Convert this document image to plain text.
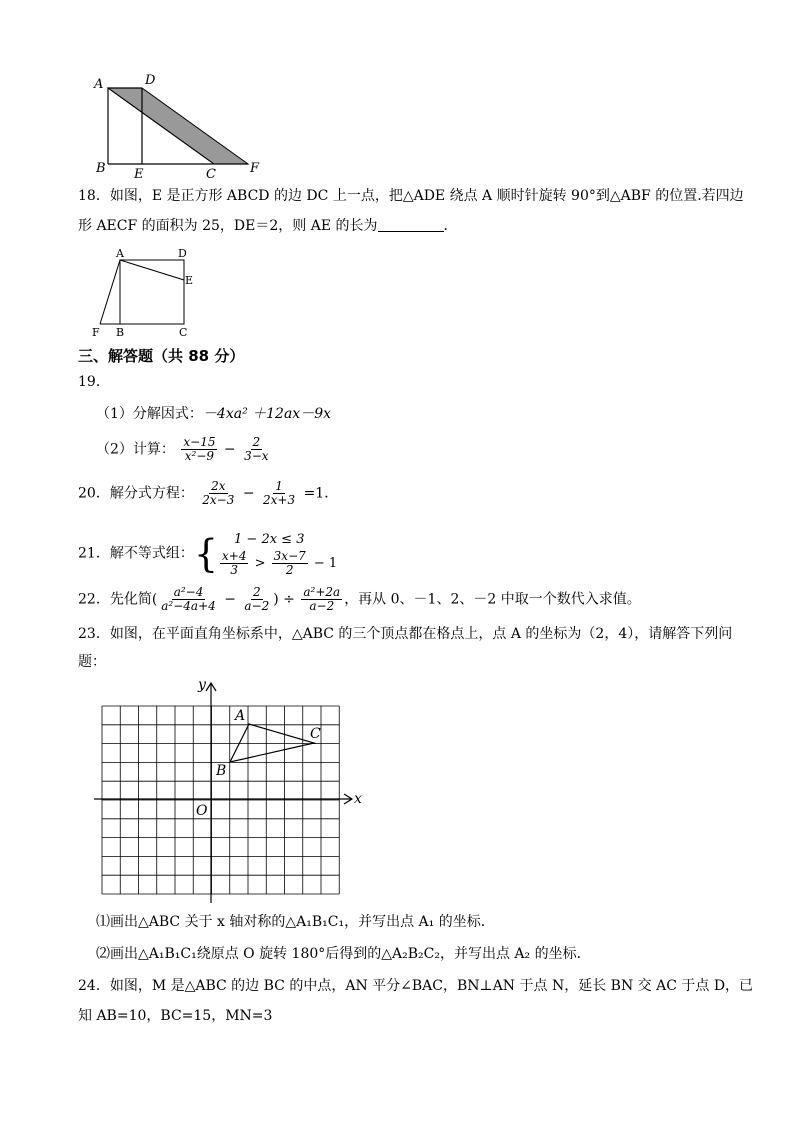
A	D
B E	C	F
18．如图，E 是正方形 ABCD 的边 DC 上一点，把△ADE 绕点 A 顺时针旋转 90°到△ABF 的位置.若四边
形 AECF 的面积为 25，DE＝2，则 AE 的长为	．
A	D
E
F B	C
三、解答题（共 88 分）
19．
（1）分解因式：－4xa² ＋12ax－9x
（2）计算： $\frac{x-15}{\text{x²−9}} - \frac{2}{3-x}$
20．解分式方程： $\frac{2x}{2x-3} - \frac{1}{2x+3} =1$．
21．解不等式组：{	1 − 2x ≤ 3
$\frac{x+4}{3} > \frac{3x-7}{2} - 1$
22．先化简( $\frac{\text{a²−4}}{\text{a²−4a+4}} - \frac{2}{a-2}$ ) ÷ $\frac{\text{a²+2a}}{a-2}$ ，再从 0、－1、2、－2 中取一个数代入求值。
23．如图，在平面直角坐标系中，△ABC 的三个顶点都在格点上，点 A 的坐标为（2，4），请解答下列问
题：
x
y
O
A
B
C
⑴画出△ABC 关于 x 轴对称的△A₁B₁C₁，并写出点 A₁ 的坐标．
⑵画出△A₁B₁C₁绕原点 O 旋转 180°后得到的△A₂B₂C₂，并写出点 A₂ 的坐标．
24．如图，M 是△ABC 的边 BC 的中点，AN 平分∠BAC，BN⊥AN 于点 N，延长 BN 交 AC 于点 D，已
知 AB=10，BC=15，MN=3
